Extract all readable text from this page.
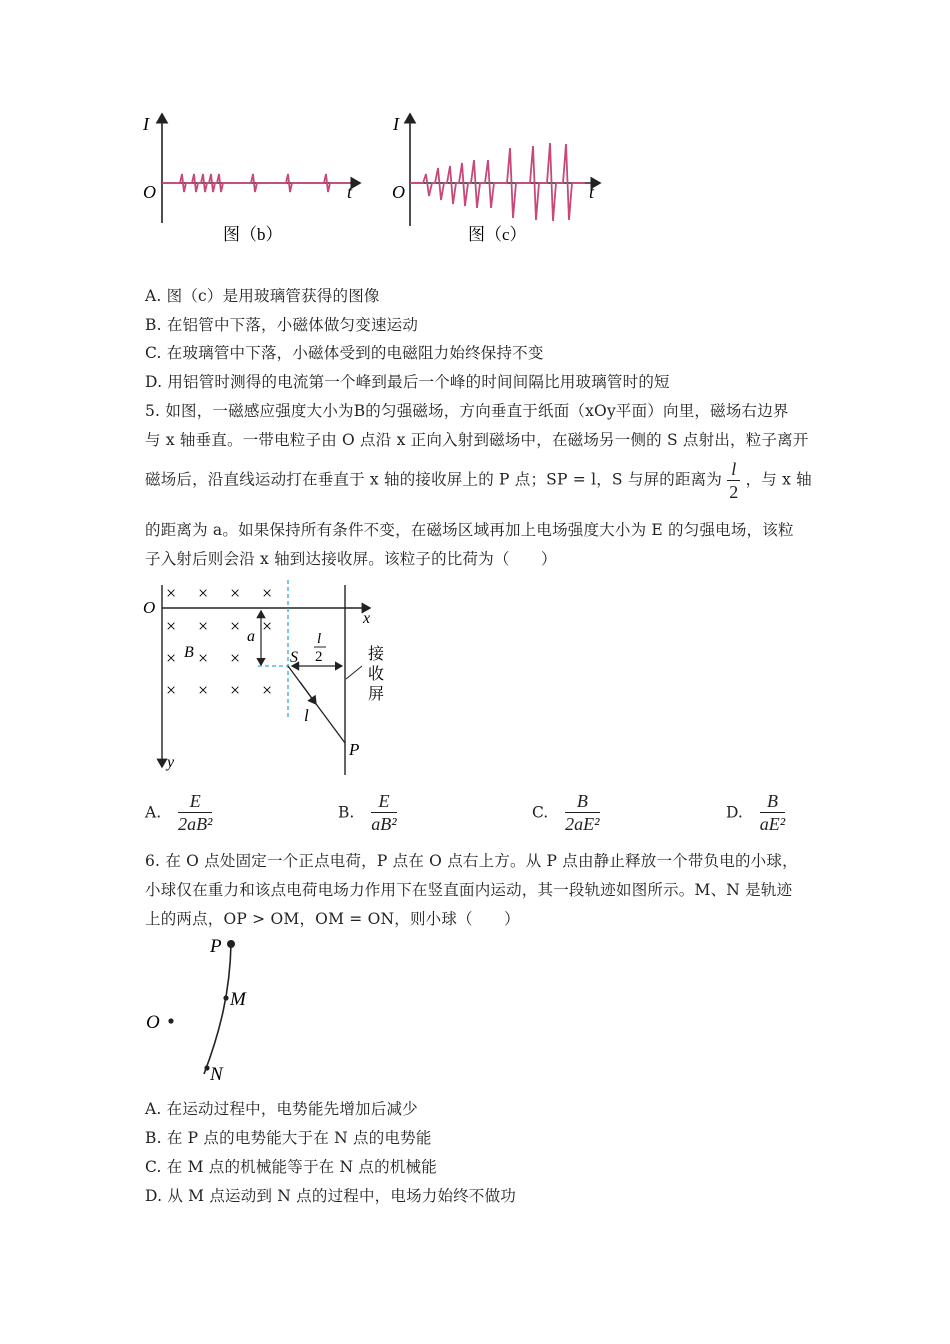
I
t
O
图（b）
I
t
O
图（c）
A. 图（c）是用玻璃管获得的图像
B. 在铝管中下落，小磁体做匀变速运动
C. 在玻璃管中下落，小磁体受到的电磁阻力始终保持不变
D. 用铝管时测得的电流第一个峰到最后一个峰的时间间隔比用玻璃管时的短
5. 如图，一磁感应强度大小为B的匀强磁场，方向垂直于纸面（xOy平面）向里，磁场右边界
与 x 轴垂直。一带电粒子由 O 点沿 x 正向入射到磁场中，在磁场另一侧的 S 点射出，粒子离开
磁场后，沿直线运动打在垂直于 x 轴的接收屏上的 P 点；SP = l，S 与屏的距离为 $\frac{l}{2}$ ，与 x 轴
的距离为 a。如果保持所有条件不变，在磁场区域再加上电场强度大小为 E 的匀强电场，该粒
子入射后则会沿 x 轴到达接收屏。该粒子的比荷为（　　）
O
x
y
× × × ×
× × × ×
× × ×
× × × ×
B
a
S
l
2	接
收
屏
l
P
A. $\frac{E}{\text{2aB²}}$	B. $\frac{E}{\text{aB²}}$	C. $\frac{B}{\text{2aE²}}$	D. $\frac{B}{\text{aE²}}$
6. 在 O 点处固定一个正点电荷，P 点在 O 点右上方。从 P 点由静止释放一个带负电的小球，
小球仅在重力和该点电荷电场力作用下在竖直面内运动，其一段轨迹如图所示。M、N 是轨迹
上的两点，OP > OM，OM = ON，则小球（　　）
P
M
O
N
A. 在运动过程中，电势能先增加后减少
B. 在 P 点的电势能大于在 N 点的电势能
C. 在 M 点的机械能等于在 N 点的机械能
D. 从 M 点运动到 N 点的过程中，电场力始终不做功
